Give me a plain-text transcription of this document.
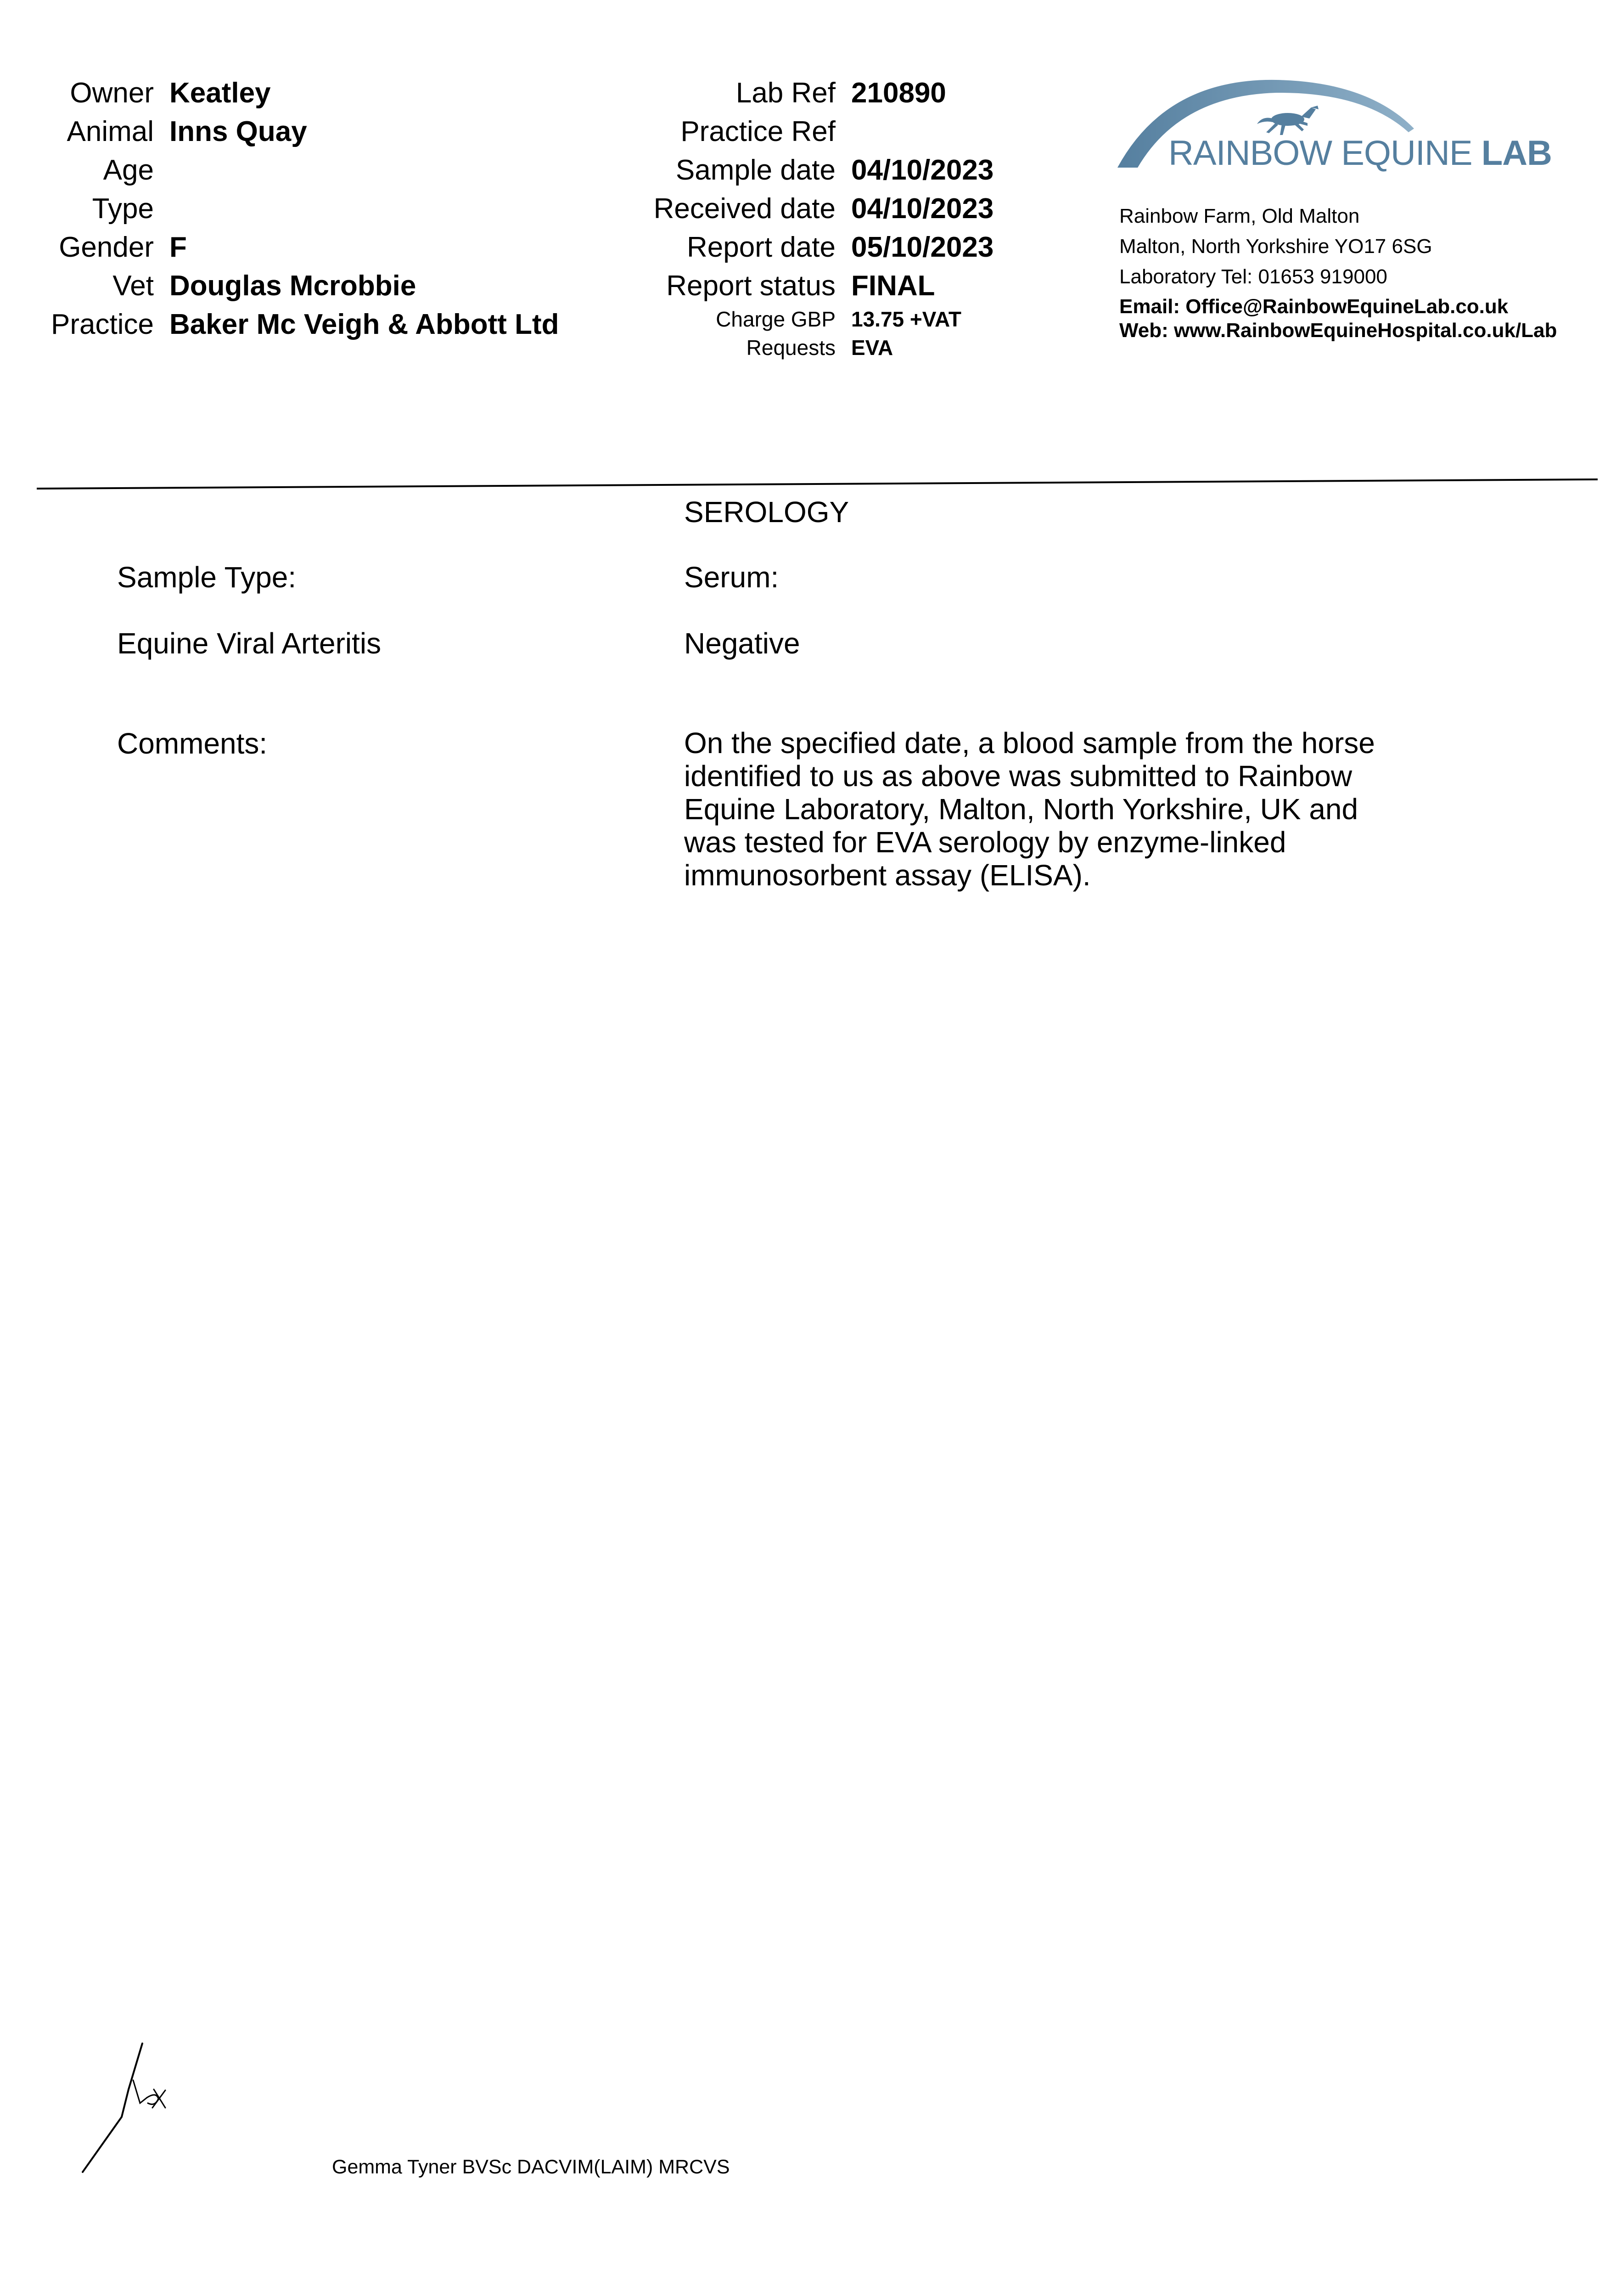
Owner Keatley
Animal Inns Quay
Age
Type
Gender F
Vet Douglas Mcrobbie
Practice Baker Mc Veigh & Abbott Ltd
Lab Ref 210890
Practice Ref
Sample date 04/10/2023
Received date 04/10/2023
Report date 05/10/2023
Report status FINAL
Charge GBP 13.75 +VAT
Requests EVA
RAINBOW EQUINE LAB
Rainbow Farm, Old Malton
Malton, North Yorkshire YO17 6SG
Laboratory Tel: 01653 919000
Email: Office@RainbowEquineLab.co.uk
Web: www.RainbowEquineHospital.co.uk/Lab
SEROLOGY
Sample Type:	Serum:
Equine Viral Arteritis	Negative
Comments:	On the specified date, a blood sample from the horse
identified to us as above was submitted to Rainbow
Equine Laboratory, Malton, North Yorkshire, UK and
was tested for EVA serology by enzyme-linked
immunosorbent assay (ELISA).
Gemma Tyner BVSc DACVIM(LAIM) MRCVS
